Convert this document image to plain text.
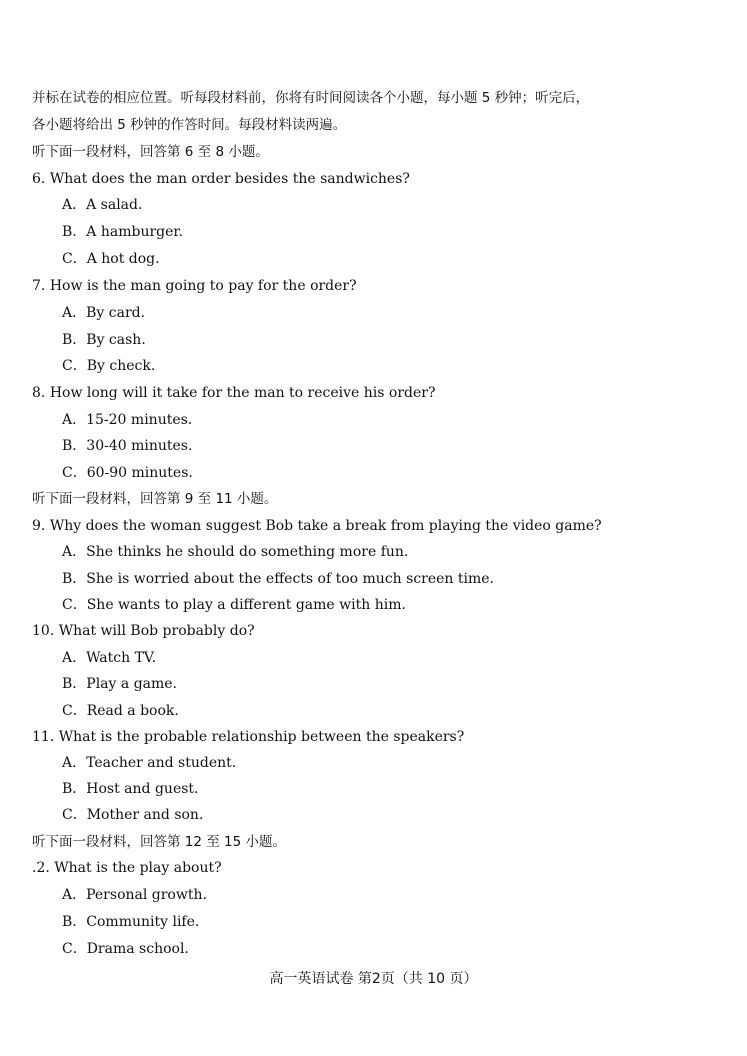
并标在试卷的相应位置。听每段材料前，你将有时间阅读各个小题，每小题 5 秒钟；听完后，
各小题将给出 5 秒钟的作答时间。每段材料读两遍。
听下面一段材料，回答第 6 至 8 小题。
6. What does the man order besides the sandwiches?
A．A salad.
B．A hamburger.
C．A hot dog.
7. How is the man going to pay for the order?
A．By card.
B．By cash.
C．By check.
8. How long will it take for the man to receive his order?
A．15-20 minutes.
B．30-40 minutes.
C．60-90 minutes.
听下面一段材料，回答第 9 至 11 小题。
9. Why does the woman suggest Bob take a break from playing the video game?
A．She thinks he should do something more fun.
B．She is worried about the effects of too much screen time.
C．She wants to play a different game with him.
10. What will Bob probably do?
A．Watch TV.
B．Play a game.
C．Read a book.
11. What is the probable relationship between the speakers?
A．Teacher and student.
B．Host and guest.
C．Mother and son.
听下面一段材料，回答第 12 至 15 小题。
.2. What is the play about?
A．Personal growth.
B．Community life.
C．Drama school.
高一英语试卷 第2页（共 10 页）
